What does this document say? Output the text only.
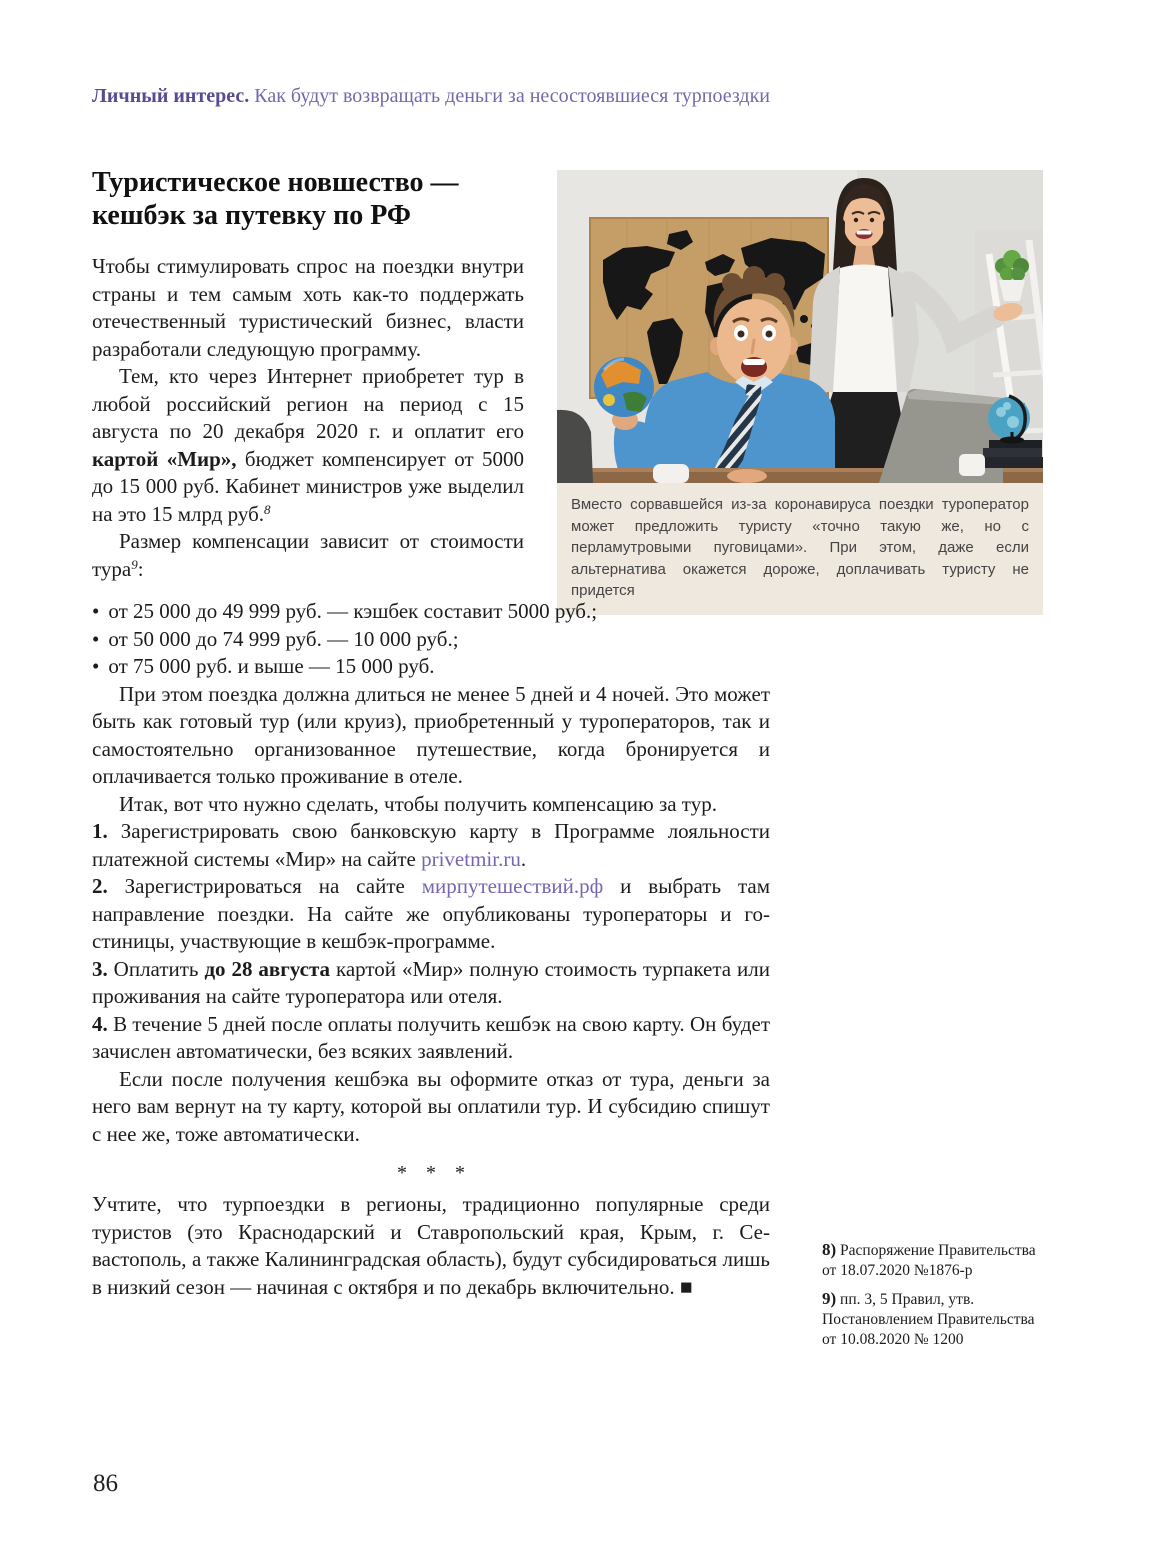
Личный интерес. Как будут возвращать деньги за несостоявшиеся турпоездки
Туристическое новшество — кешбэк за путевку по РФ

Чтобы стимулировать спрос на поездки внутри страны и тем самым хоть как-то поддержать отечественный туристический бизнес, власти разработали следующую программу.

Тем, кто через Интернет приобретет тур в любой российский регион на период с 15 августа по 20 декабря 2020 г. и оплатит его картой «Мир», бюджет компенсирует от 5000 до 15 000 руб. Кабинет министров уже выделил на это 15 млрд руб.$^8$

Размер компенсации зависит от стоимости тура$^9$:

Вместо сорвавшейся из-за коронавируса поездки туроператор может предложить туристу «точно такую же, но с перламутровыми пуговицами». При этом, даже если альтернатива окажется дороже, доплачивать туристу не придется

• от 25 000 до 49 999 руб. — кэшбек составит 5000 руб.;

• от 50 000 до 74 999 руб. — 10 000 руб.;

• от 75 000 руб. и выше — 15 000 руб.

При этом поездка должна длиться не менее 5 дней и 4 ночей. Это может быть как готовый тур (или круиз), приобретенный у туроператоров, так и самостоятельно организованное путешествие, когда бронируется и оплачивается только проживание в отеле.

Итак, вот что нужно сделать, чтобы получить компенсацию за тур.

1. Зарегистрировать свою банковскую карту в Программе лояльности платежной системы «Мир» на сайте privetmir.ru.

2. Зарегистрироваться на сайте мирпутешествий.рф и выбрать там направление поездки. На сайте же опубликованы туроператоры и гостиницы, участвующие в кешбэк-программе.

3. Оплатить до 28 августа картой «Мир» полную стоимость турпакета или проживания на сайте туроператора или отеля.

4. В течение 5 дней после оплаты получить кешбэк на свою карту. Он будет зачислен автоматически, без всяких заявлений.

Если после получения кешбэка вы оформите отказ от тура, деньги за него вам вернут на ту карту, которой вы оплатили тур. И субсидию спишут с нее же, тоже автоматически.

* * *

Учтите, что турпоездки в регионы, традиционно популярные среди туристов (это Краснодарский и Ставропольский края, Крым, г. Севастополь, а также Калининградская область), будут субсидироваться лишь в низкий сезон — начиная с октября и по декабрь включительно. ■

8) Распоряжение Правительства от 18.07.2020 №1876-р

9) пп. 3, 5 Правил, утв. Постановлением Правительства от 10.08.2020 № 1200

86
